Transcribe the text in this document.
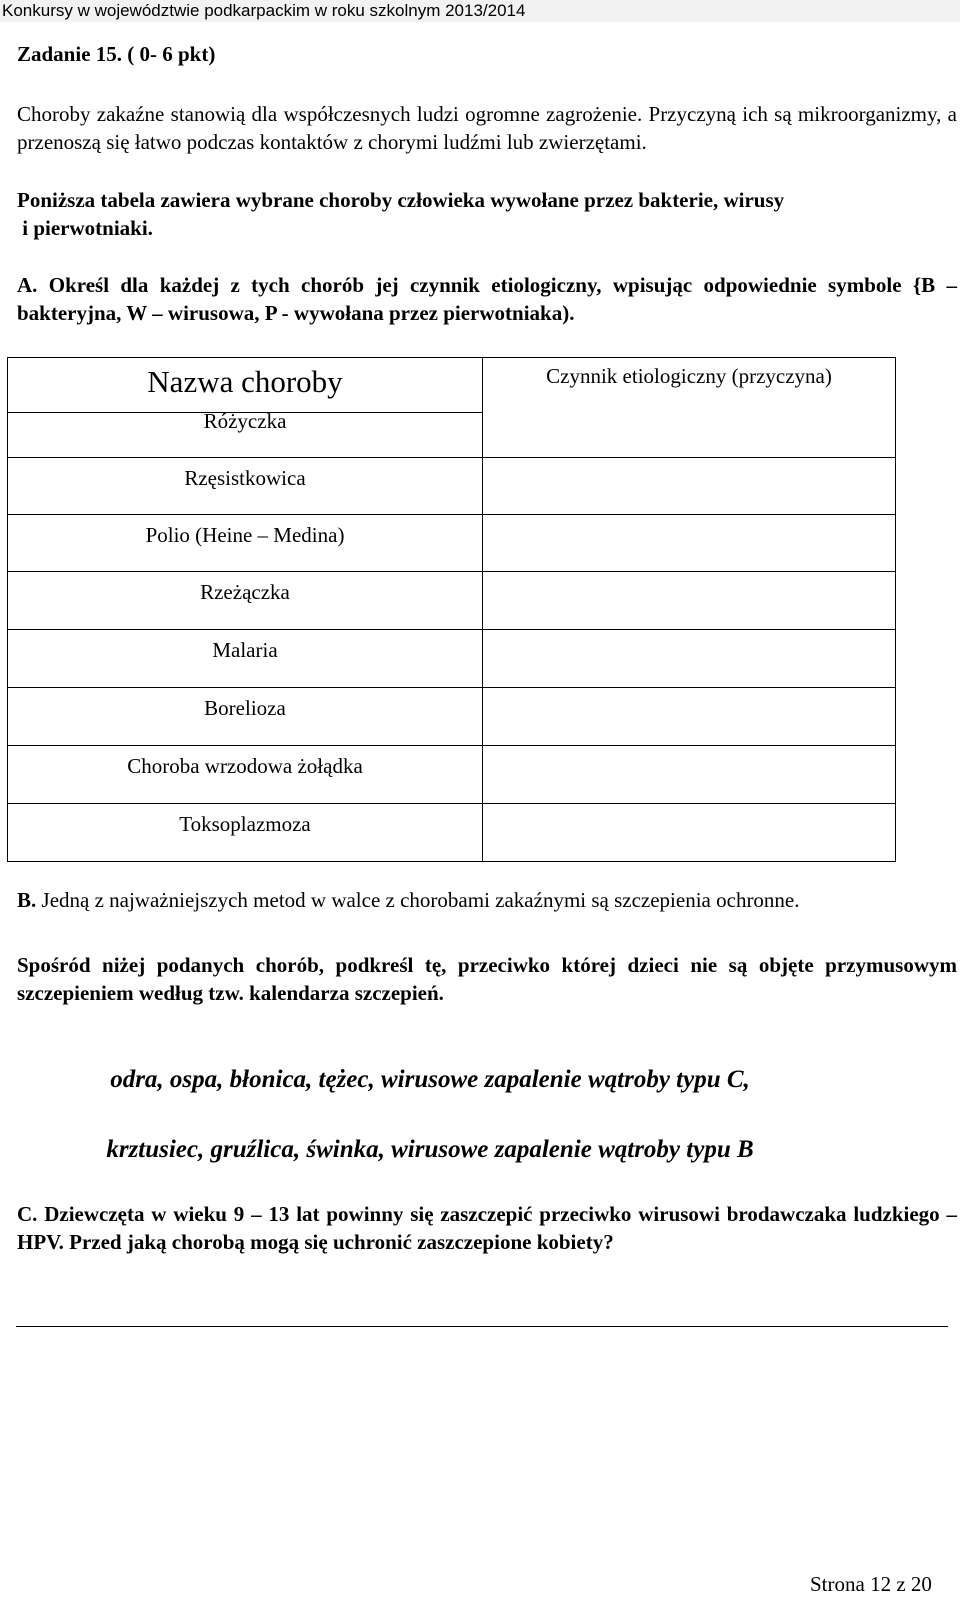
Konkursy w województwie podkarpackim w roku szkolnym 2013/2014
Zadanie 15. ( 0- 6 pkt)
Choroby zakaźne stanowią dla współczesnych ludzi ogromne zagrożenie. Przyczyną ich są mikroorganizmy, a przenoszą się łatwo podczas kontaktów z chorymi ludźmi lub zwierzętami.
Poniższa tabela zawiera wybrane choroby człowieka wywołane przez bakterie, wirusy
i pierwotniaki.
A. Określ dla każdej z tych chorób jej czynnik etiologiczny, wpisując odpowiednie symbole {B – bakteryjna, W – wirusowa, P - wywołana przez pierwotniaka).
Nazwa choroby	Czynnik etiologiczny (przyczyna)

Różyczka	

Rzęsistkowica	

Polio (Heine – Medina)	

Rzeżączka	

Malaria	

Borelioza	

Choroba wrzodowa żołądka	

Toksoplazmoza	

B. Jedną z najważniejszych metod w walce z chorobami zakaźnymi są szczepienia ochronne.
Spośród niżej podanych chorób, podkreśl tę, przeciwko której dzieci nie są objęte przymusowym szczepieniem według tzw. kalendarza szczepień.
odra, ospa, błonica, tężec, wirusowe zapalenie wątroby typu C,
krztusiec, gruźlica, świnka, wirusowe zapalenie wątroby typu B
C. Dziewczęta w wieku 9 – 13 lat powinny się zaszczepić przeciwko wirusowi brodawczaka ludzkiego – HPV. Przed jaką chorobą mogą się uchronić zaszczepione kobiety?
Strona 12 z 20
